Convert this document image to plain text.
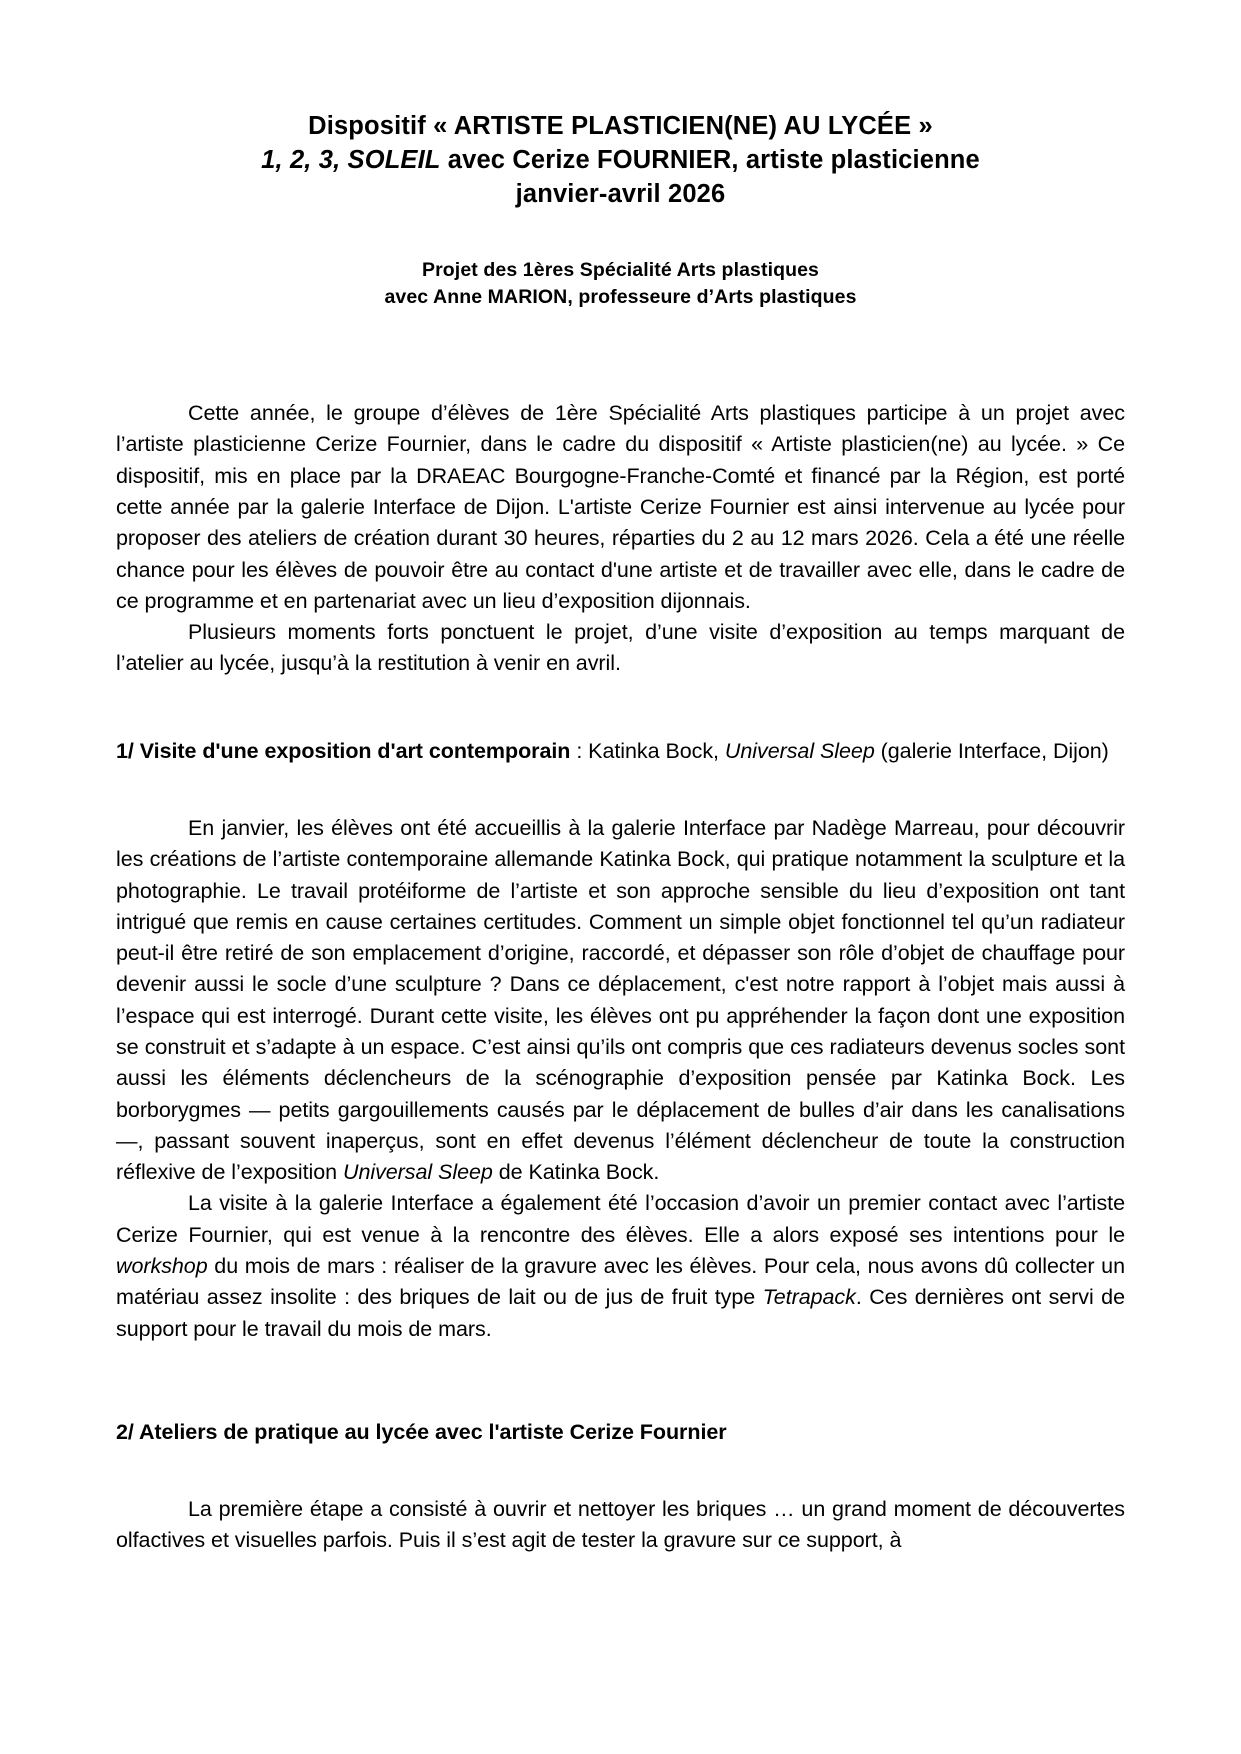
Dispositif « ARTISTE PLASTICIEN(NE) AU LYCÉE »
1, 2, 3, SOLEIL avec Cerize FOURNIER, artiste plasticienne
janvier-avril 2026
Projet des 1ères Spécialité Arts plastiques
avec Anne MARION, professeure d’Arts plastiques

Cette année, le groupe d’élèves de 1ère Spécialité Arts plastiques participe à un projet avec l’artiste plasticienne Cerize Fournier, dans le cadre du dispositif « Artiste plasticien(ne) au lycée. » Ce dispositif, mis en place par la DRAEAC Bourgogne-Franche-Comté et financé par la Région, est porté cette année par la galerie Interface de Dijon. L'artiste Cerize Fournier est ainsi intervenue au lycée pour proposer des ateliers de création durant 30 heures, réparties du 2 au 12 mars 2026. Cela a été une réelle chance pour les élèves de pouvoir être au contact d'une artiste et de travailler avec elle, dans le cadre de ce programme et en partenariat avec un lieu d’exposition dijonnais.

Plusieurs moments forts ponctuent le projet, d’une visite d’exposition au temps marquant de l’atelier au lycée, jusqu’à la restitution à venir en avril.

1/ Visite d'une exposition d'art contemporain : Katinka Bock, Universal Sleep (galerie Interface, Dijon)

En janvier, les élèves ont été accueillis à la galerie Interface par Nadège Marreau, pour découvrir les créations de l’artiste contemporaine allemande Katinka Bock, qui pratique notamment la sculpture et la photographie. Le travail protéiforme de l’artiste et son approche sensible du lieu d’exposition ont tant intrigué que remis en cause certaines certitudes. Comment un simple objet fonctionnel tel qu’un radiateur peut-il être retiré de son emplacement d’origine, raccordé, et dépasser son rôle d’objet de chauffage pour devenir aussi le socle d’une sculpture ? Dans ce déplacement, c'est notre rapport à l’objet mais aussi à l’espace qui est interrogé. Durant cette visite, les élèves ont pu appréhender la façon dont une exposition se construit et s’adapte à un espace. C’est ainsi qu’ils ont compris que ces radiateurs devenus socles sont aussi les éléments déclencheurs de la scénographie d’exposition pensée par Katinka Bock. Les borborygmes — petits gargouillements causés par le déplacement de bulles d’air dans les canalisations —, passant souvent inaperçus, sont en effet devenus l’élément déclencheur de toute la construction réflexive de l’exposition Universal Sleep de Katinka Bock.

La visite à la galerie Interface a également été l’occasion d’avoir un premier contact avec l’artiste Cerize Fournier, qui est venue à la rencontre des élèves. Elle a alors exposé ses intentions pour le workshop du mois de mars : réaliser de la gravure avec les élèves. Pour cela, nous avons dû collecter un matériau assez insolite : des briques de lait ou de jus de fruit type Tetrapack. Ces dernières ont servi de support pour le travail du mois de mars.

2/ Ateliers de pratique au lycée avec l'artiste Cerize Fournier

La première étape a consisté à ouvrir et nettoyer les briques … un grand moment de découvertes olfactives et visuelles parfois. Puis il s’est agit de tester la gravure sur ce support, à
